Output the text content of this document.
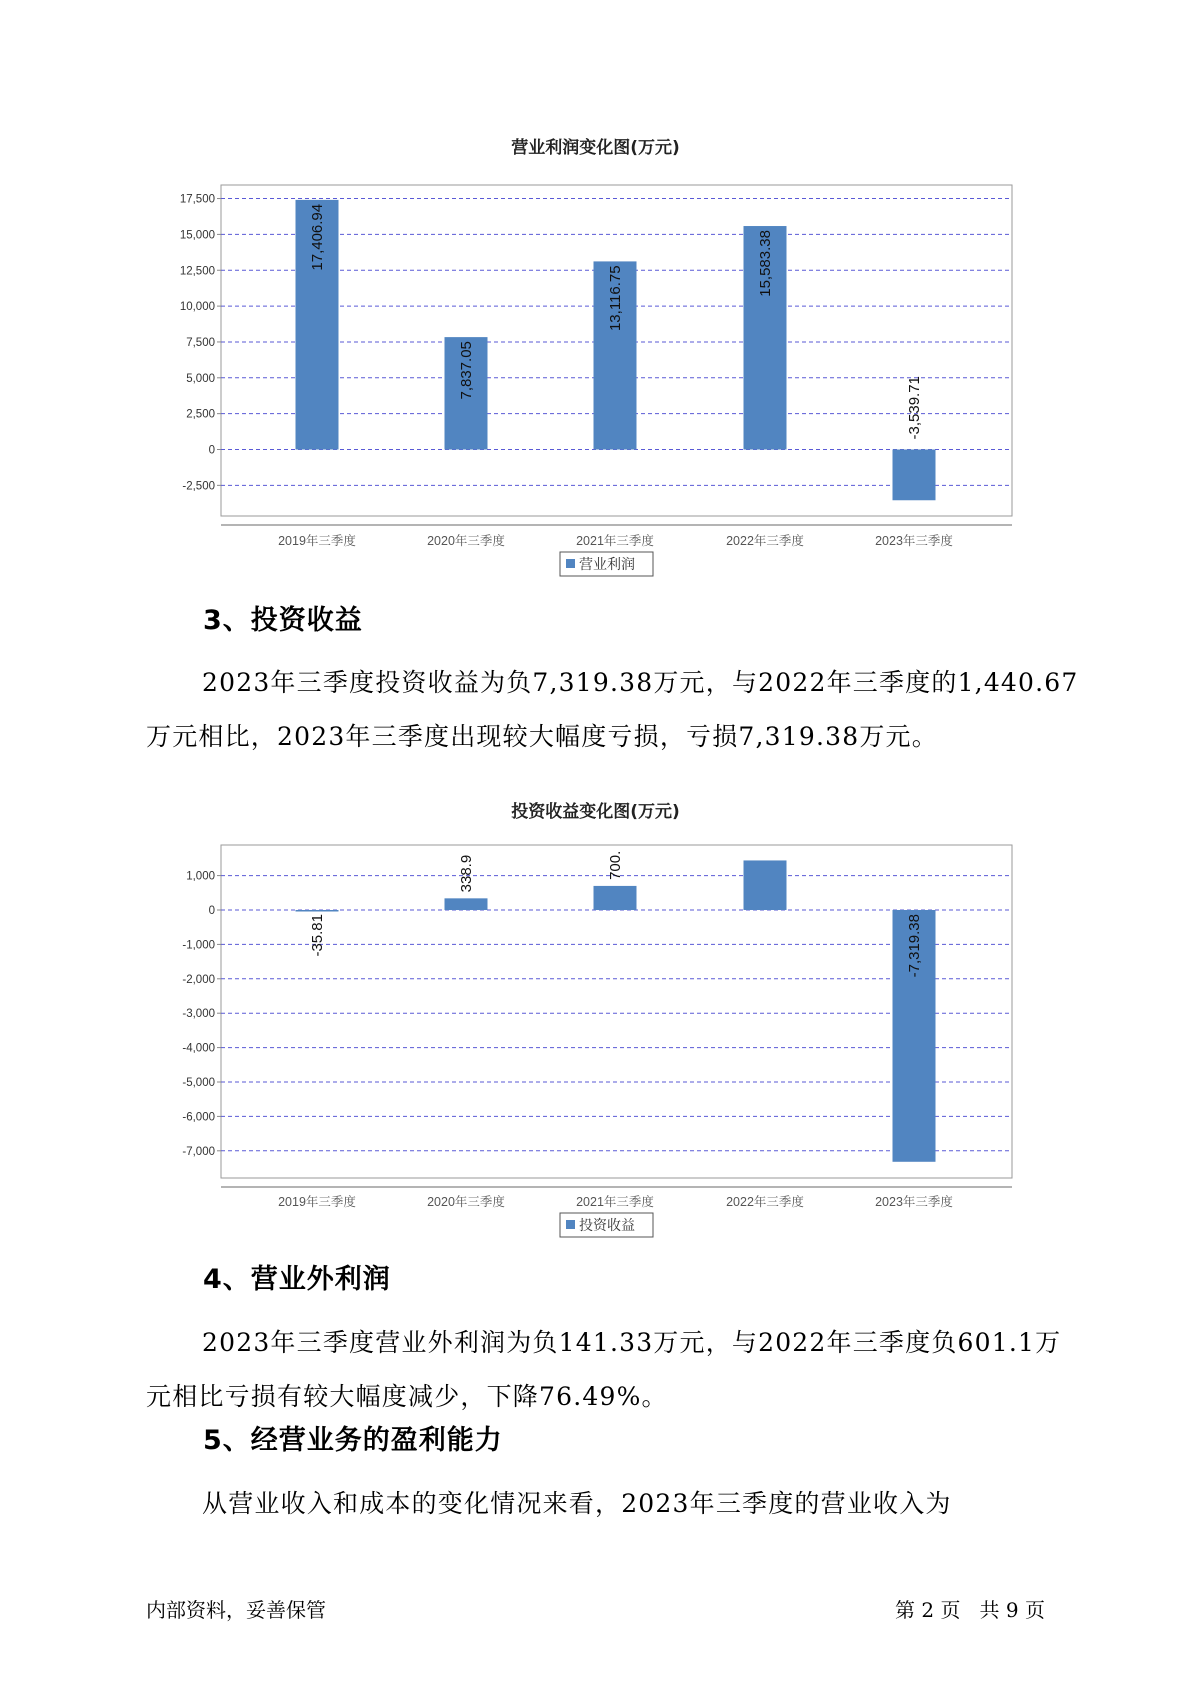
营业利润变化图(万元)
17,500
15,000
12,500
10,000
7,500
5,000
2,500
0
-2,500
2019年三季度
17,406.94
2020年三季度
7,837.05
2021年三季度
13,116.75
2022年三季度
15,583.38
2023年三季度
-3,539.71
营业利润
3、投资收益
2023年三季度投资收益为负7,319.38万元，与2022年三季度的1,440.67
万元相比，2023年三季度出现较大幅度亏损，亏损7,319.38万元。
投资收益变化图(万元)
1,000
0
-1,000
-2,000
-3,000
-4,000
-5,000
-6,000
-7,000
2019年三季度
-35.81
2020年三季度
338.9
2021年三季度
700.
2022年三季度	2023年三季度
-7,319.38
投资收益
4、营业外利润
2023年三季度营业外利润为负141.33万元，与2022年三季度负601.1万
元相比亏损有较大幅度减少，下降76.49%。
5、经营业务的盈利能力
从营业收入和成本的变化情况来看，2023年三季度的营业收入为
内部资料，妥善保管	第 2 页   共 9 页
